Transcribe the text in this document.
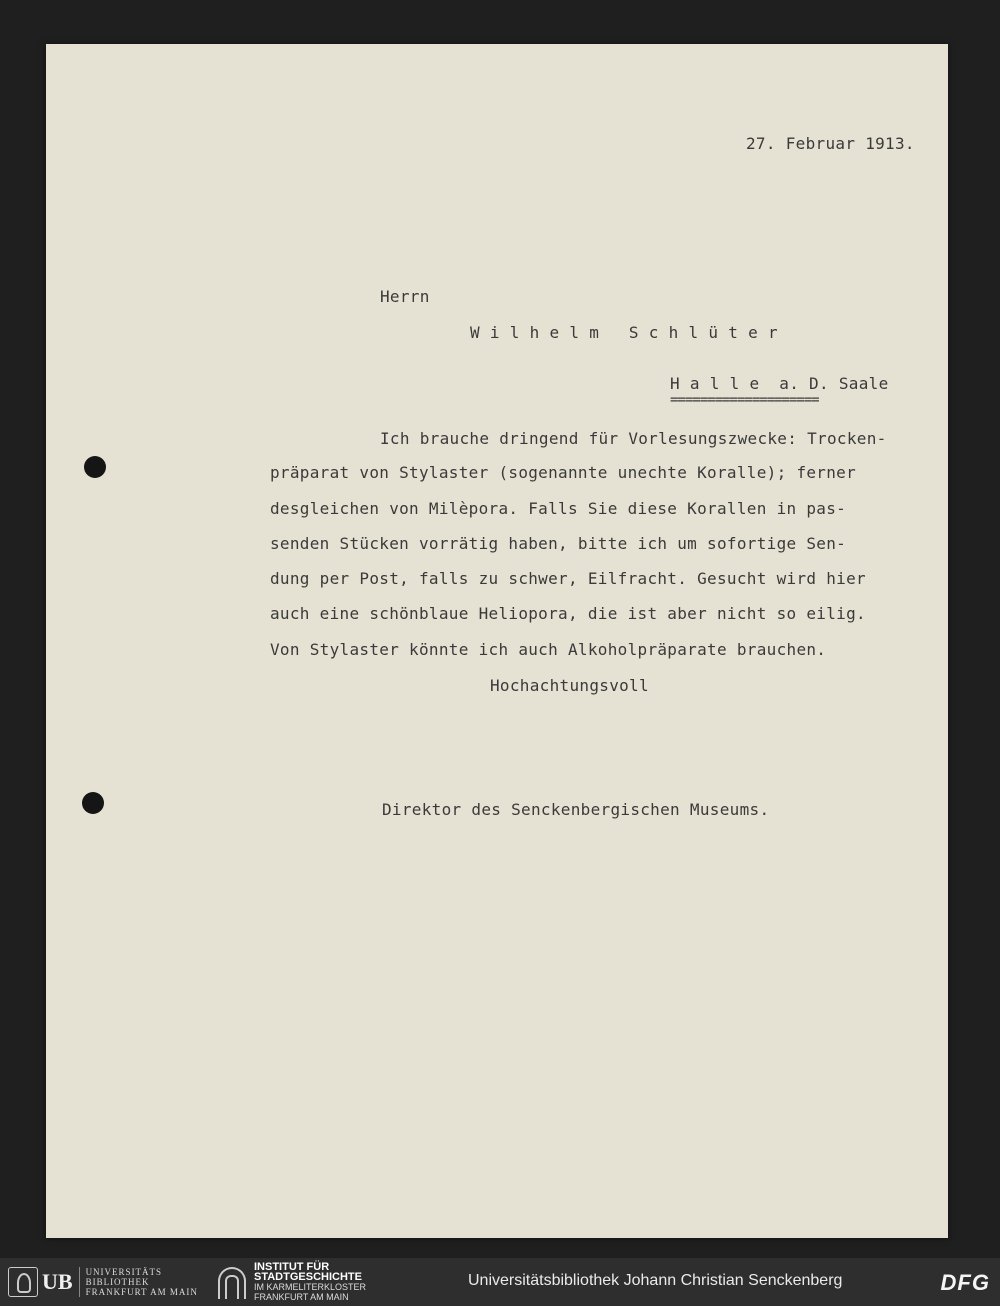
27. Februar 1913.
Herrn
W i l h e l m   S c h l ü t e r
H a l l e  a. D. Saale
====================
Ich brauche dringend für Vorlesungszwecke: Trocken-
präparat von Stylaster (sogenannte unechte Koralle); ferner
desgleichen von Milèpora. Falls Sie diese Korallen in pas-
senden Stücken vorrätig haben, bitte ich um sofortige Sen-
dung per Post, falls zu schwer, Eilfracht. Gesucht wird hier
auch eine schönblaue Heliopora, die ist aber nicht so eilig.
Von Stylaster könnte ich auch Alkoholpräparate brauchen.
Hochachtungsvoll
Direktor des Senckenbergischen Museums.
UB UNIVERSITÄTS
BIBLIOTHEK
FRANKFURT AM MAIN
INSTITUT FÜR
STADTGESCHICHTE
IM KARMELITERKLOSTER
FRANKFURT AM MAIN
Universitätsbibliothek Johann Christian Senckenberg	DFG
